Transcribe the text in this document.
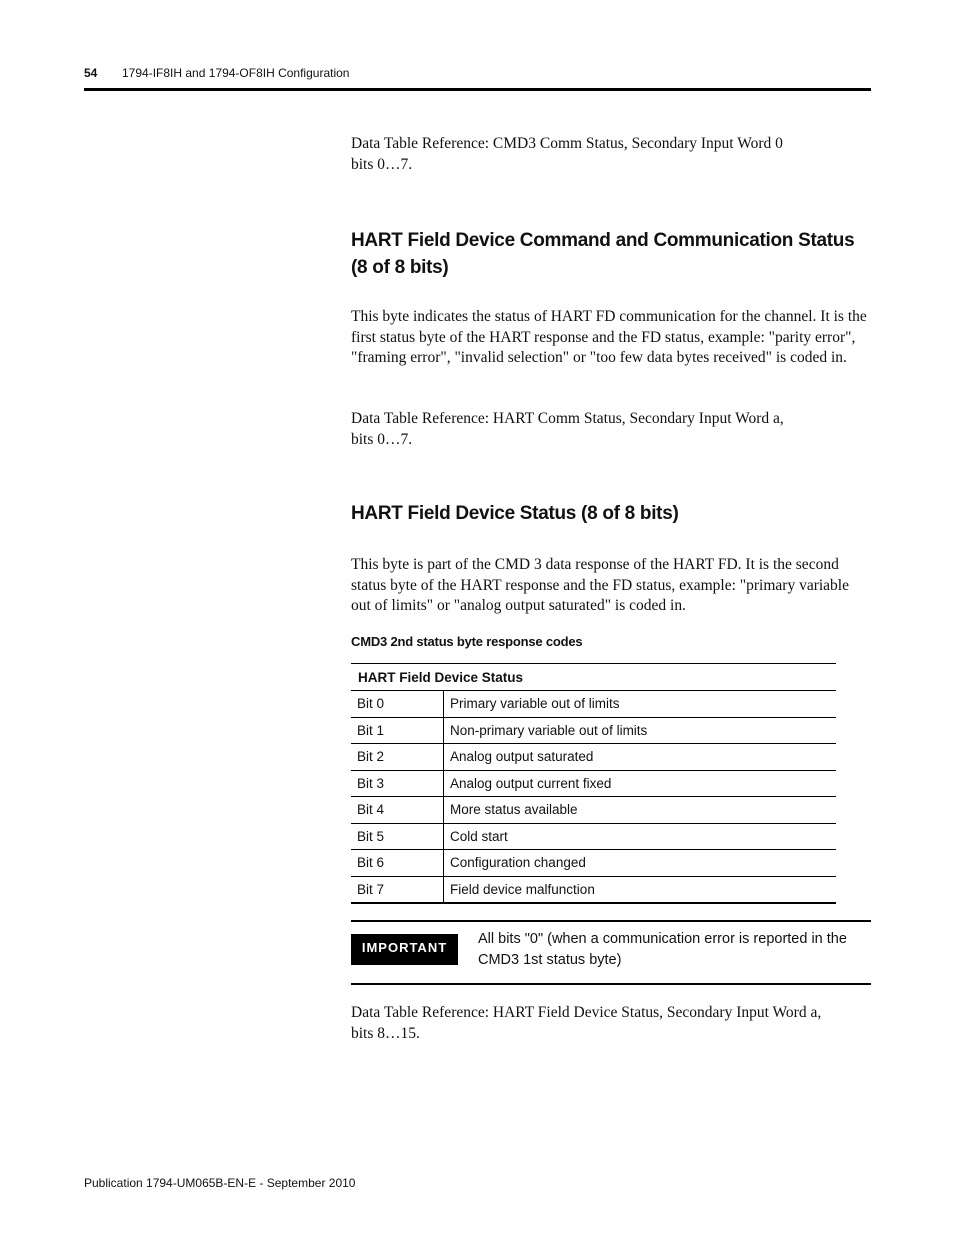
54 1794-IF8IH and 1794-OF8IH Configuration

Data Table Reference: CMD3 Comm Status, Secondary Input Word 0
bits 0…7.

HART Field Device Command and Communication Status (8 of 8 bits)

This byte indicates the status of HART FD communication for the channel. It is the first status byte of the HART response and the FD status, example: "parity error", "framing error", "invalid selection" or "too few data bytes received" is coded in.

Data Table Reference: HART Comm Status, Secondary Input Word a,
bits 0…7.

HART Field Device Status (8 of 8 bits)

This byte is part of the CMD 3 data response of the HART FD. It is the second status byte of the HART response and the FD status, example: "primary variable out of limits" or "analog output saturated" is coded in.

CMD3 2nd status byte response codes
HART Field Device Status	
Bit 0	Primary variable out of limits
Bit 1	Non-primary variable out of limits
Bit 2	Analog output saturated
Bit 3	Analog output current fixed
Bit 4	More status available
Bit 5	Cold start
Bit 6	Configuration changed
Bit 7	Field device malfunction
IMPORTANT
All bits "0" (when a communication error is reported in the CMD3 1st status byte)

Data Table Reference: HART Field Device Status, Secondary Input Word a,
bits 8…15.

Publication 1794-UM065B-EN-E - September 2010
